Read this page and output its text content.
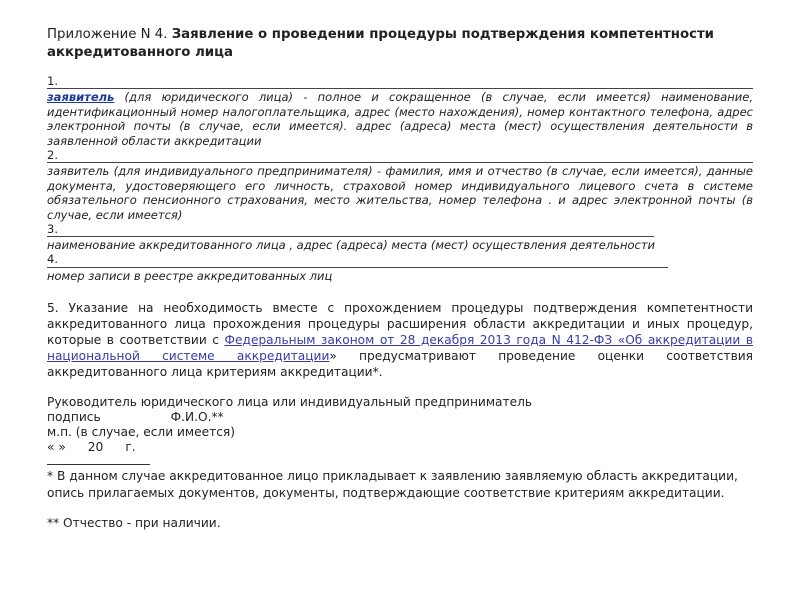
Приложение N 4. Заявление о проведении процедуры подтверждения компетентности аккредитованного лица
1.
заявитель (для юридического лица) - полное и сокращенное (в случае, если имеется) наименование, идентификационный номер налогоплательщика, адрес (место нахождения), номер контактного телефона, адрес электронной почты (в случае, если имеется). адрес (адреса) места (мест) осуществления деятельности в заявленной области аккредитации
2.
заявитель (для индивидуального предпринимателя) - фамилия, имя и отчество (в случае, если имеется), данные документа, удостоверяющего его личность, страховой номер индивидуального лицевого счета в системе обязательного пенсионного страхования, место жительства, номер телефона . и адрес электронной почты (в случае, если имеется)
3.
наименование аккредитованного лица , адрес (адреса) места (мест) осуществления деятельности
4.
номер записи в реестре аккредитованных лиц
5. Указание на необходимость вместе с прохождением процедуры подтверждения компетентности аккредитованного лица прохождения процедуры расширения области аккредитации и иных процедур, которые в соответствии с Федеральным законом от 28 декабря 2013 года N 412-ФЗ «Об аккредитации в национальной системе аккредитации» предусматривают проведение оценки соответствия аккредитованного лица критериям аккредитации*.
Руководитель юридического лица или индивидуальный предприниматель
подпись	Ф.И.О.**
м.п. (в случае, если имеется)
« » 20 г.
* В данном случае аккредитованное лицо прикладывает к заявлению заявляемую область аккредитации, опись прилагаемых документов, документы, подтверждающие соответствие критериям аккредитации.
** Отчество - при наличии.
